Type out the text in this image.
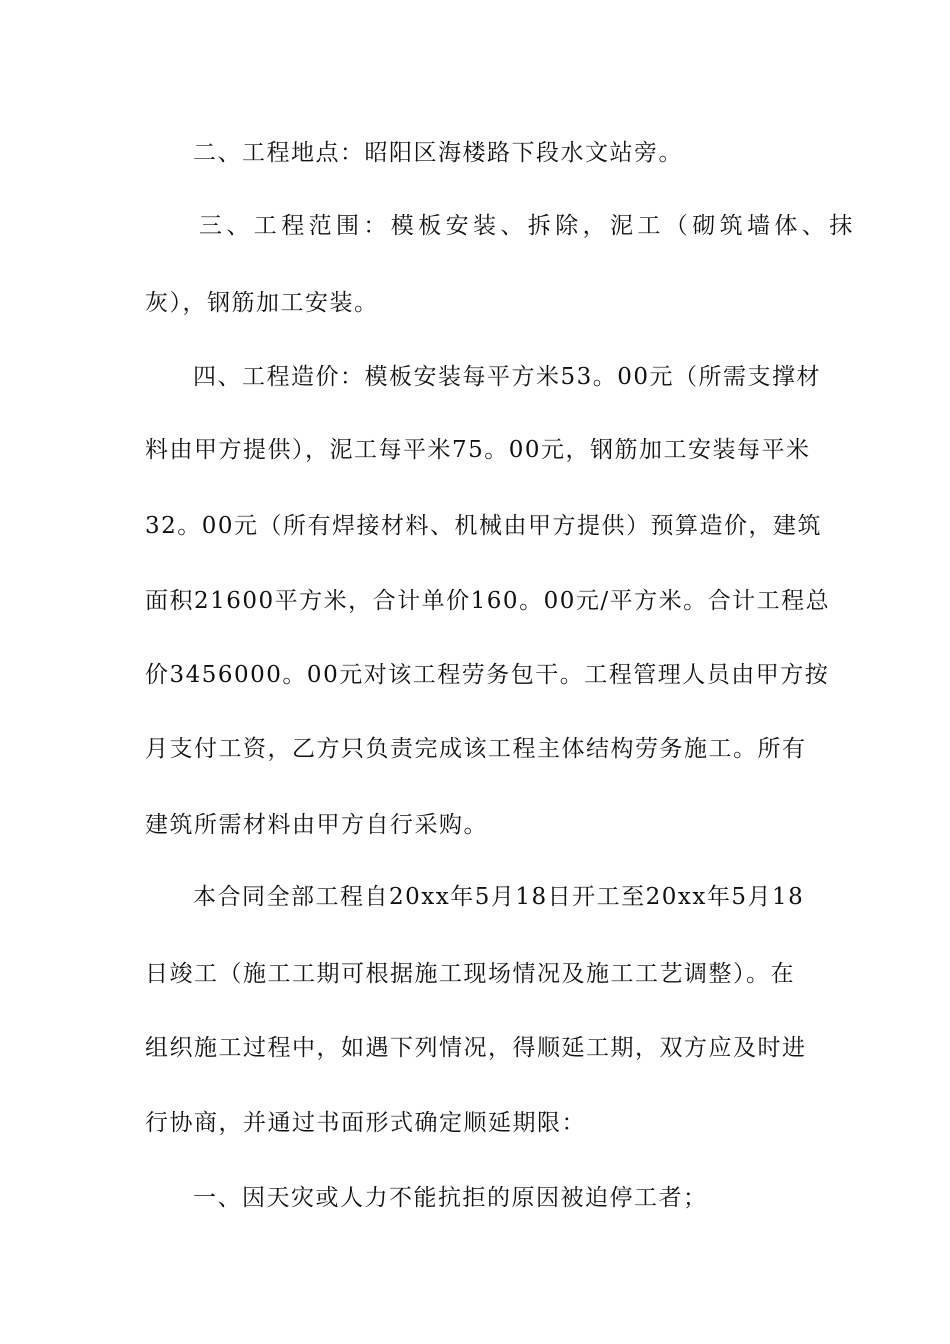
二、工程地点：昭阳区海楼路下段水文站旁。
三、工程范围：模板安装、拆除，泥工（砌筑墙体、抹
灰），钢筋加工安装。
四、工程造价：模板安装每平方米53。00元（所需支撑材
料由甲方提供），泥工每平米75。00元，钢筋加工安装每平米
32。00元（所有焊接材料、机械由甲方提供）预算造价，建筑
面积21600平方米，合计单价160。00元/平方米。合计工程总
价3456000。00元对该工程劳务包干。工程管理人员由甲方按
月支付工资，乙方只负责完成该工程主体结构劳务施工。所有
建筑所需材料由甲方自行采购。
本合同全部工程自20xx年5月18日开工至20xx年5月18
日竣工（施工工期可根据施工现场情况及施工工艺调整）。在
组织施工过程中，如遇下列情况，得顺延工期，双方应及时进
行协商，并通过书面形式确定顺延期限：
一、因天灾或人力不能抗拒的原因被迫停工者；
